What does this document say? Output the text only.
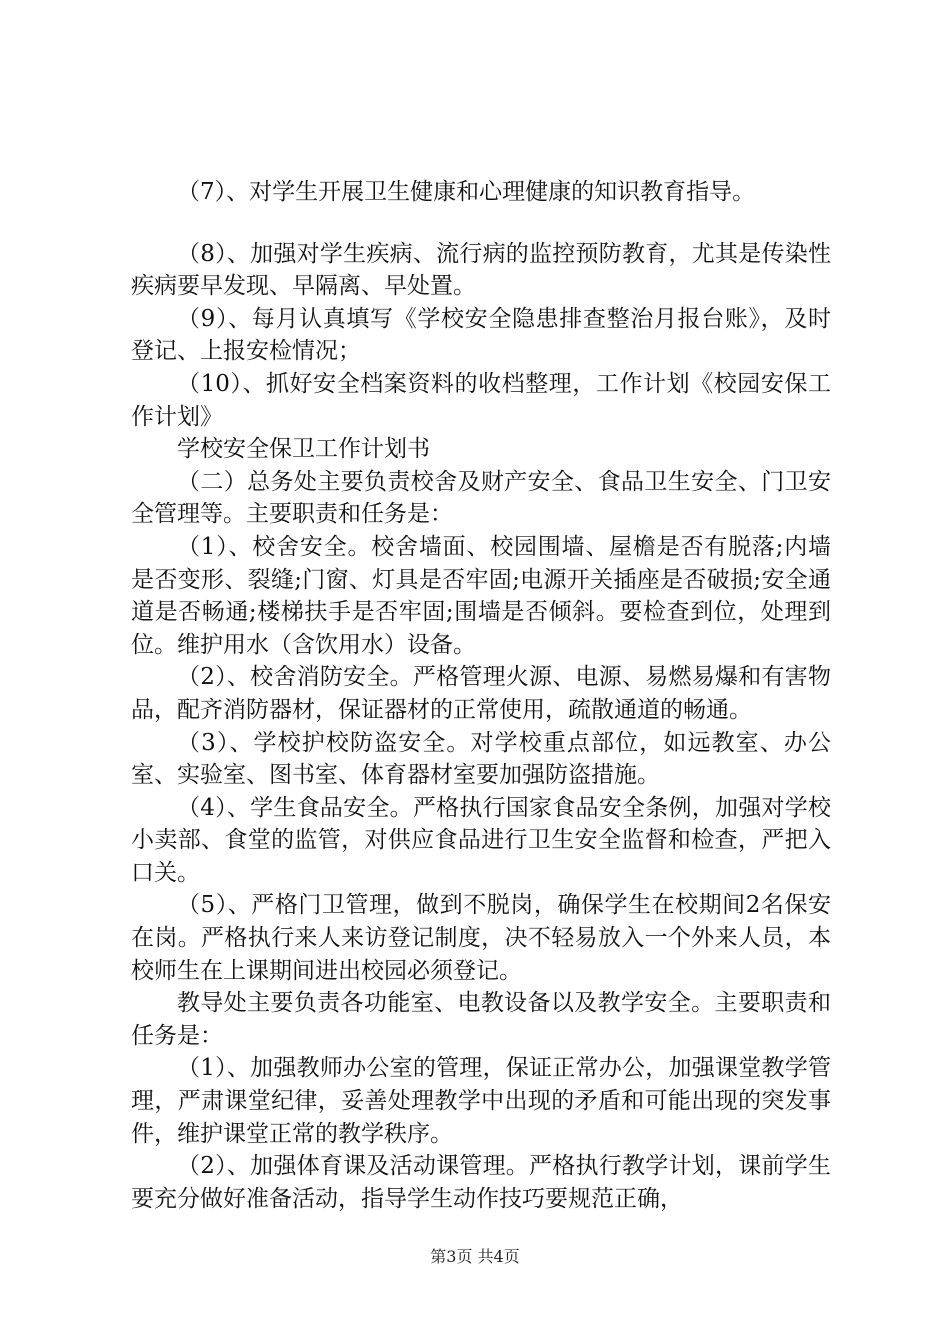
（7）、对学生开展卫生健康和心理健康的知识教育指导。

（8）、加强对学生疾病、流行病的监控预防教育，尤其是传染性疾病要早发现、早隔离、早处置。

（9）、每月认真填写《学校安全隐患排查整治月报台账》，及时登记、上报安检情况；

（10）、抓好安全档案资料的收档整理，工作计划《校园安保工作计划》

学校安全保卫工作计划书

（二）总务处主要负责校舍及财产安全、食品卫生安全、门卫安全管理等。主要职责和任务是：

（1）、校舍安全。校舍墙面、校园围墙、屋檐是否有脱落;内墙是否变形、裂缝;门窗、灯具是否牢固;电源开关插座是否破损;安全通道是否畅通;楼梯扶手是否牢固;围墙是否倾斜。要检查到位，处理到位。维护用水（含饮用水）设备。

（2）、校舍消防安全。严格管理火源、电源、易燃易爆和有害物品，配齐消防器材，保证器材的正常使用，疏散通道的畅通。

（3）、学校护校防盗安全。对学校重点部位，如远教室、办公室、实验室、图书室、体育器材室要加强防盗措施。

（4）、学生食品安全。严格执行国家食品安全条例，加强对学校小卖部、食堂的监管，对供应食品进行卫生安全监督和检查，严把入口关。

（5）、严格门卫管理，做到不脱岗，确保学生在校期间2名保安在岗。严格执行来人来访登记制度，决不轻易放入一个外来人员，本校师生在上课期间进出校园必须登记。

教导处主要负责各功能室、电教设备以及教学安全。主要职责和任务是：

（1）、加强教师办公室的管理，保证正常办公，加强课堂教学管理，严肃课堂纪律，妥善处理教学中出现的矛盾和可能出现的突发事件，维护课堂正常的教学秩序。

（2）、加强体育课及活动课管理。严格执行教学计划，课前学生要充分做好准备活动，指导学生动作技巧要规范正确，

第3页 共4页
